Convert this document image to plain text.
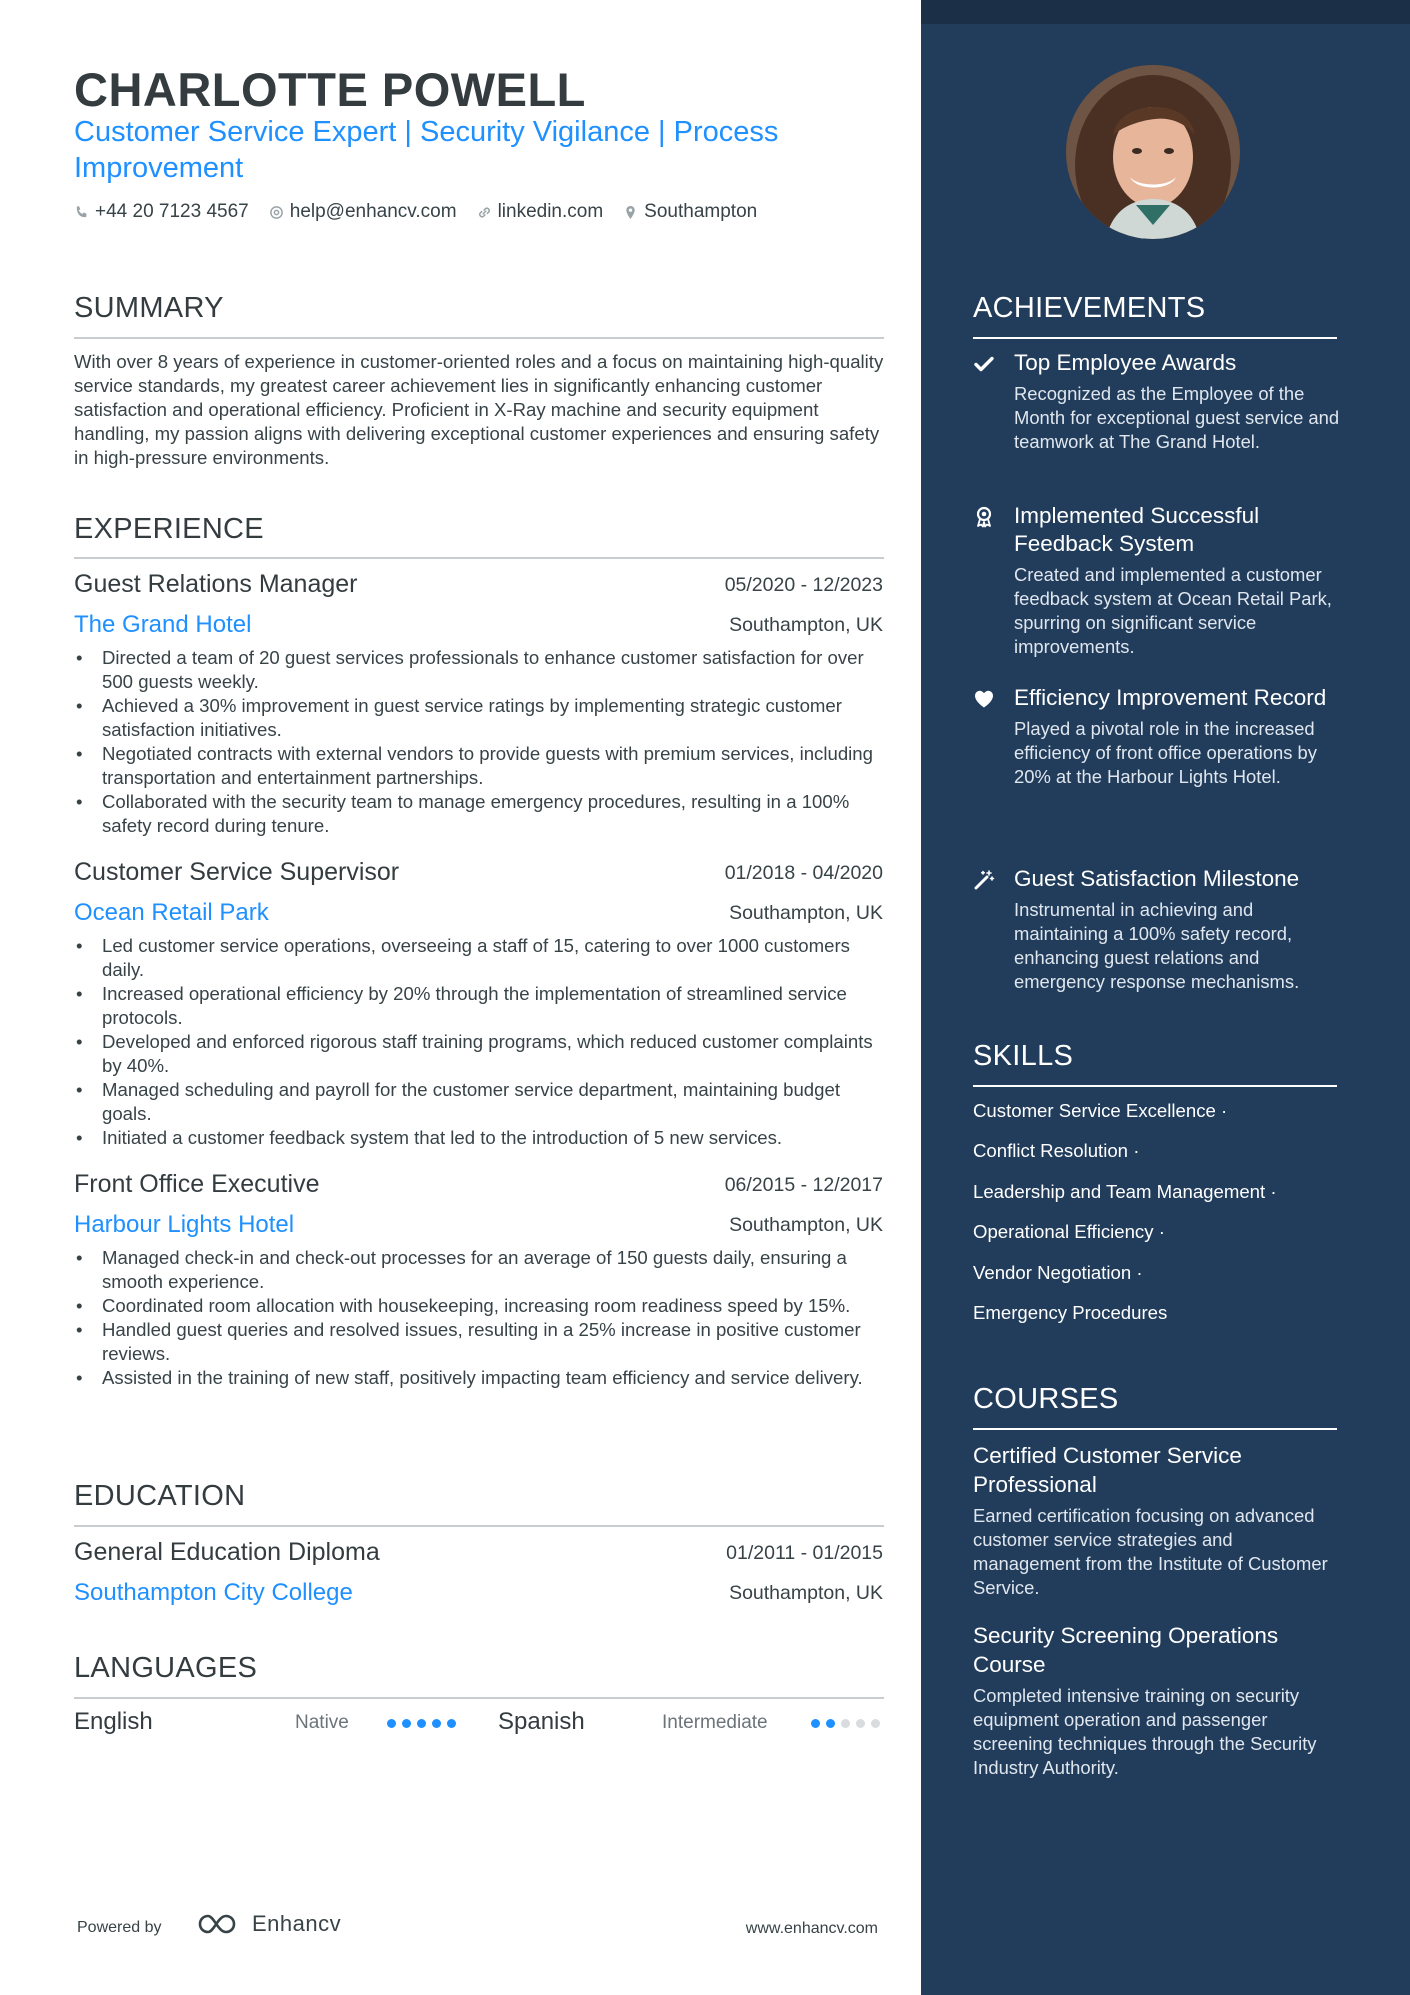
CHARLOTTE POWELL
Customer Service Expert | Security Vigilance | Process Improvement
+44 20 7123 4567 help@enhancv.com linkedin.com Southampton
SUMMARY
With over 8 years of experience in customer-oriented roles and a focus on maintaining high-quality service standards, my greatest career achievement lies in significantly enhancing customer satisfaction and operational efficiency. Proficient in X-Ray machine and security equipment handling, my passion aligns with delivering exceptional customer experiences and ensuring safety in high-pressure environments.
EXPERIENCE
Guest Relations Manager	05/2020 - 12/2023
The Grand Hotel	Southampton, UK
• Directed a team of 20 guest services professionals to enhance customer satisfaction for over 500 guests weekly.
• Achieved a 30% improvement in guest service ratings by implementing strategic customer satisfaction initiatives.
• Negotiated contracts with external vendors to provide guests with premium services, including transportation and entertainment partnerships.
• Collaborated with the security team to manage emergency procedures, resulting in a 100% safety record during tenure.
Customer Service Supervisor	01/2018 - 04/2020
Ocean Retail Park	Southampton, UK
• Led customer service operations, overseeing a staff of 15, catering to over 1000 customers daily.
• Increased operational efficiency by 20% through the implementation of streamlined service protocols.
• Developed and enforced rigorous staff training programs, which reduced customer complaints by 40%.
• Managed scheduling and payroll for the customer service department, maintaining budget goals.
• Initiated a customer feedback system that led to the introduction of 5 new services.
Front Office Executive	06/2015 - 12/2017
Harbour Lights Hotel	Southampton, UK
• Managed check-in and check-out processes for an average of 150 guests daily, ensuring a smooth experience.
• Coordinated room allocation with housekeeping, increasing room readiness speed by 15%.
• Handled guest queries and resolved issues, resulting in a 25% increase in positive customer reviews.
• Assisted in the training of new staff, positively impacting team efficiency and service delivery.
EDUCATION
General Education Diploma	01/2011 - 01/2015
Southampton City College	Southampton, UK
LANGUAGES
English	Native	Spanish	Intermediate
Powered by	Enhancv	www.enhancv.com
ACHIEVEMENTS
Top Employee Awards
Recognized as the Employee of the Month for exceptional guest service and teamwork at The Grand Hotel.
Implemented Successful Feedback System
Created and implemented a customer feedback system at Ocean Retail Park, spurring on significant service improvements.
Efficiency Improvement Record
Played a pivotal role in the increased efficiency of front office operations by 20% at the Harbour Lights Hotel.
Guest Satisfaction Milestone
Instrumental in achieving and maintaining a 100% safety record, enhancing guest relations and emergency response mechanisms.
SKILLS
Customer Service Excellence ·
Conflict Resolution ·
Leadership and Team Management ·
Operational Efficiency ·
Vendor Negotiation ·
Emergency Procedures
COURSES
Certified Customer Service Professional
Earned certification focusing on advanced customer service strategies and management from the Institute of Customer Service.
Security Screening Operations Course
Completed intensive training on security equipment operation and passenger screening techniques through the Security Industry Authority.
